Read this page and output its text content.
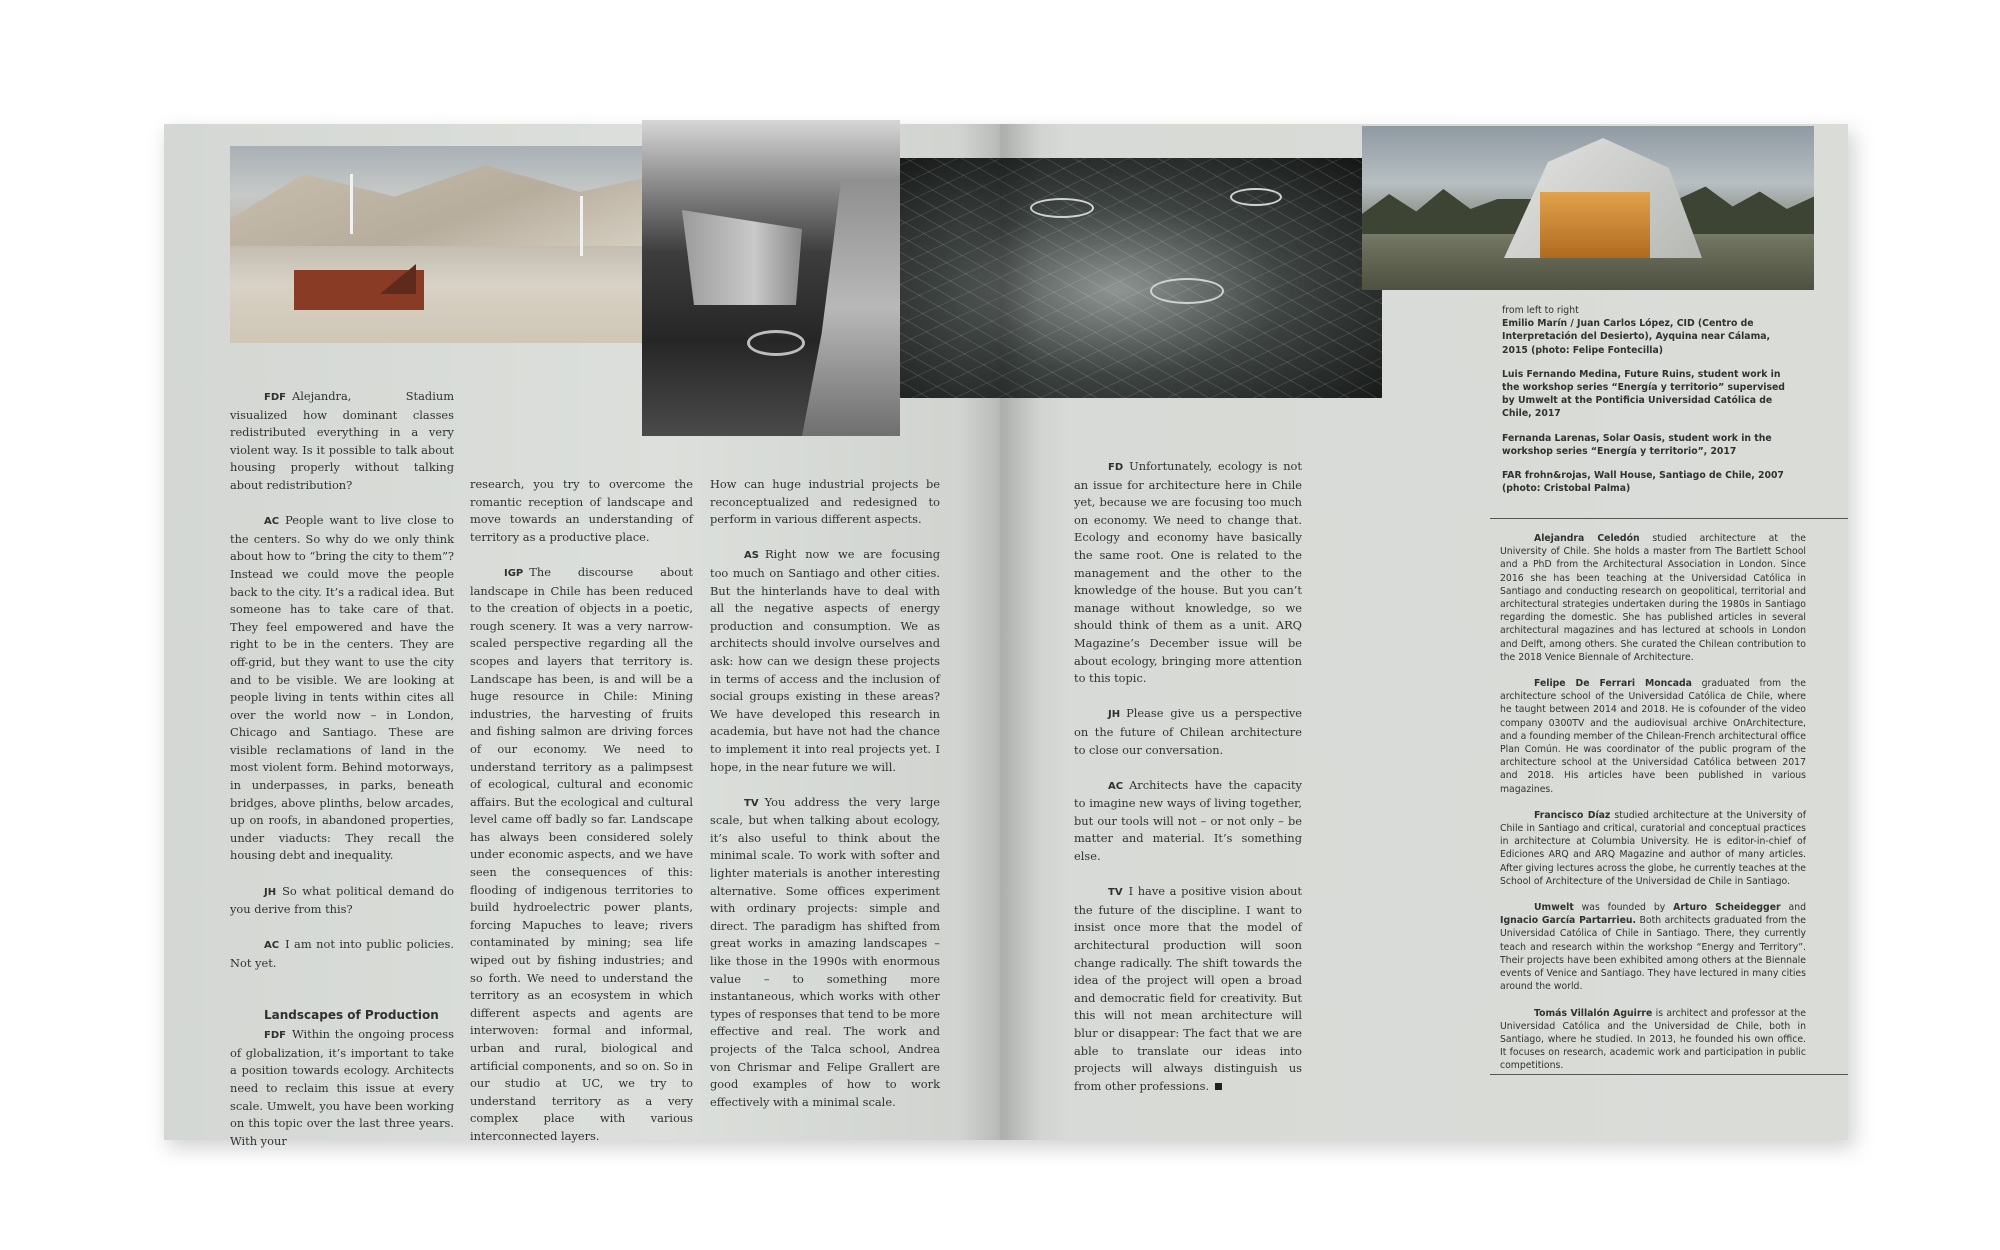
FDF Alejandra, Stadium visualized how dominant classes redistributed everything in a very violent way. Is it possible to talk about housing properly without talking about redistribution?

AC People want to live close to the centers. So why do we only think about how to “bring the city to them”? Instead we could move the people back to the city. It’s a radical idea. But someone has to take care of that. They feel empowered and have the right to be in the centers. They are off-grid, but they want to use the city and to be visible. We are looking at people living in tents within cites all over the world now – in London, Chicago and Santiago. These are visible reclamations of land in the most violent form. Behind motorways, in underpasses, in parks, beneath bridges, above plinths, below arcades, up on roofs, in abandoned properties, under viaducts: They recall the housing debt and inequality.

JH So what political demand do you derive from this?

AC I am not into public policies. Not yet.

Landscapes of Production

FDF Within the ongoing process of globalization, it’s important to take a position towards ecology. Architects need to reclaim this issue at every scale. Umwelt, you have been working on this topic over the last three years. With your

research, you try to overcome the romantic reception of landscape and move towards an understanding of territory as a productive place.

IGP The discourse about landscape in Chile has been reduced to the creation of objects in a poetic, rough scenery. It was a very narrow-scaled perspective regarding all the scopes and layers that territory is. Landscape has been, is and will be a huge resource in Chile: Mining industries, the harvesting of fruits and fishing salmon are driving forces of our economy. We need to understand territory as a palimpsest of ecological, cultural and economic affairs. But the ecological and cultural level came off badly so far. Landscape has always been considered solely under economic aspects, and we have seen the consequences of this: flooding of indigenous territories to build hydroelectric power plants, forcing Mapuches to leave; rivers contaminated by mining; sea life wiped out by fishing industries; and so forth. We need to understand the territory as an ecosystem in which different aspects and agents are interwoven: formal and informal, urban and rural, biological and artificial components, and so on. So in our studio at UC, we try to understand territory as a very complex place with various interconnected layers.

How can huge industrial projects be reconceptualized and redesigned to perform in various different aspects.

AS Right now we are focusing too much on Santiago and other cities. But the hinterlands have to deal with all the negative aspects of energy production and consumption. We as architects should involve ourselves and ask: how can we design these projects in terms of access and the inclusion of social groups existing in these areas? We have developed this research in academia, but have not had the chance to implement it into real projects yet. I hope, in the near future we will.

TV You address the very large scale, but when talking about ecology, it’s also useful to think about the minimal scale. To work with softer and lighter materials is another interesting alternative. Some offices experiment with ordinary projects: simple and direct. The paradigm has shifted from great works in amazing landscapes – like those in the 1990s with enormous value – to something more instantaneous, which works with other types of responses that tend to be more effective and real. The work and projects of the Talca school, Andrea von Chrismar and Felipe Grallert are good examples of how to work effectively with a minimal scale.

FD Unfortunately, ecology is not an issue for architecture here in Chile yet, because we are focusing too much on economy. We need to change that. Ecology and economy have basically the same root. One is related to the management and the other to the knowledge of the house. But you can’t manage without knowledge, so we should think of them as a unit. ARQ Magazine’s December issue will be about ecology, bringing more attention to this topic.

JH Please give us a perspective on the future of Chilean architecture to close our conversation.

AC Architects have the capacity to imagine new ways of living together, but our tools will not – or not only – be matter and material. It’s something else.

TV I have a positive vision about the future of the discipline. I want to insist once more that the model of architectural production will soon change radically. The shift towards the idea of the project will open a broad and democratic field for creativity. But this will not mean architecture will blur or disappear: The fact that we are able to translate our ideas into projects will always distinguish us from other professions.

from left to right

Emilio Marín / Juan Carlos López, CID (Centro de Interpretación del Desierto), Ayquina near Cálama, 2015 (photo: Felipe Fontecilla)

Luis Fernando Medina, Future Ruins, student work in the workshop series “Energía y territorio” supervised by Umwelt at the Pontificia Universidad Católica de Chile, 2017

Fernanda Larenas, Solar Oasis, student work in the workshop series “Energía y territorio”, 2017

FAR frohn&rojas, Wall House, Santiago de Chile, 2007 (photo: Cristobal Palma)

Alejandra Celedón studied architecture at the University of Chile. She holds a master from The Bartlett School and a PhD from the Architectural Association in London. Since 2016 she has been teaching at the Universidad Católica in Santiago and conducting research on geopolitical, territorial and architectural strategies undertaken during the 1980s in Santiago regarding the domestic. She has published articles in several architectural magazines and has lectured at schools in London and Delft, among others. She curated the Chilean contribution to the 2018 Venice Biennale of Architecture.

Felipe De Ferrari Moncada graduated from the architecture school of the Universidad Católica de Chile, where he taught between 2014 and 2018. He is cofounder of the video company 0300TV and the audiovisual archive OnArchitecture, and a founding member of the Chilean-French architectural office Plan Común. He was coordinator of the public program of the architecture school at the Universidad Católica between 2017 and 2018. His articles have been published in various magazines.

Francisco Díaz studied architecture at the University of Chile in Santiago and critical, curatorial and conceptual practices in architecture at Columbia University. He is editor-in-chief of Ediciones ARQ and ARQ Magazine and author of many articles. After giving lectures across the globe, he currently teaches at the School of Architecture of the Universidad de Chile in Santiago.

Umwelt was founded by Arturo Scheidegger and Ignacio García Partarrieu. Both architects graduated from the Universidad Católica of Chile in Santiago. There, they currently teach and research within the workshop “Energy and Territory”. Their projects have been exhibited among others at the Biennale events of Venice and Santiago. They have lectured in many cities around the world.

Tomás Villalón Aguirre is architect and professor at the Universidad Católica and the Universidad de Chile, both in Santiago, where he studied. In 2013, he founded his own office. It focuses on research, academic work and participation in public competitions.
